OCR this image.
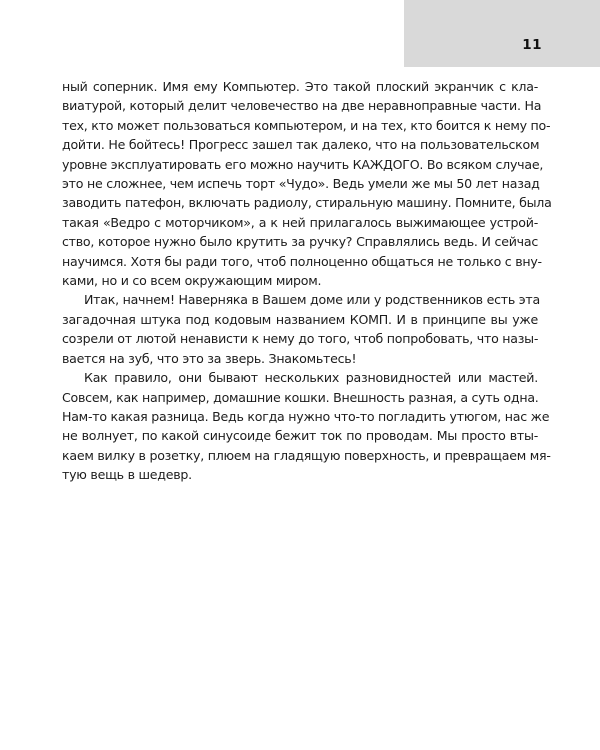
11
ный соперник. Имя ему Компьютер. Это такой плоский экранчик с кла-
виатурой, который делит человечество на две неравноправные части. На
тех, кто может пользоваться компьютером, и на тех, кто боится к нему по-
дойти. Не бойтесь! Прогресс зашел так далеко, что на пользовательском
уровне эксплуатировать его можно научить КАЖДОГО. Во всяком случае,
это не сложнее, чем испечь торт «Чудо». Ведь умели же мы 50 лет назад
заводить патефон, включать радиолу, стиральную машину. Помните, была
такая «Ведро с моторчиком», а к ней прилагалось выжимающее устрой-
ство, которое нужно было крутить за ручку? Справлялись ведь. И сейчас
научимся. Хотя бы ради того, чтоб полноценно общаться не только с вну-
ками, но и со всем окружающим миром.
Итак, начнем! Наверняка в Вашем доме или у родственников есть эта
загадочная штука под кодовым названием КОМП. И в принципе вы уже
созрели от лютой ненависти к нему до того, чтоб попробовать, что назы-
вается на зуб, что это за зверь. Знакомьтесь!
Как правило, они бывают нескольких разновидностей или мастей.
Совсем, как например, домашние кошки. Внешность разная, а суть одна.
Нам-то какая разница. Ведь когда нужно что-то погладить утюгом, нас же
не волнует, по какой синусоиде бежит ток по проводам. Мы просто вты-
каем вилку в розетку, плюем на гладящую поверхность, и превращаем мя-
тую вещь в шедевр.
